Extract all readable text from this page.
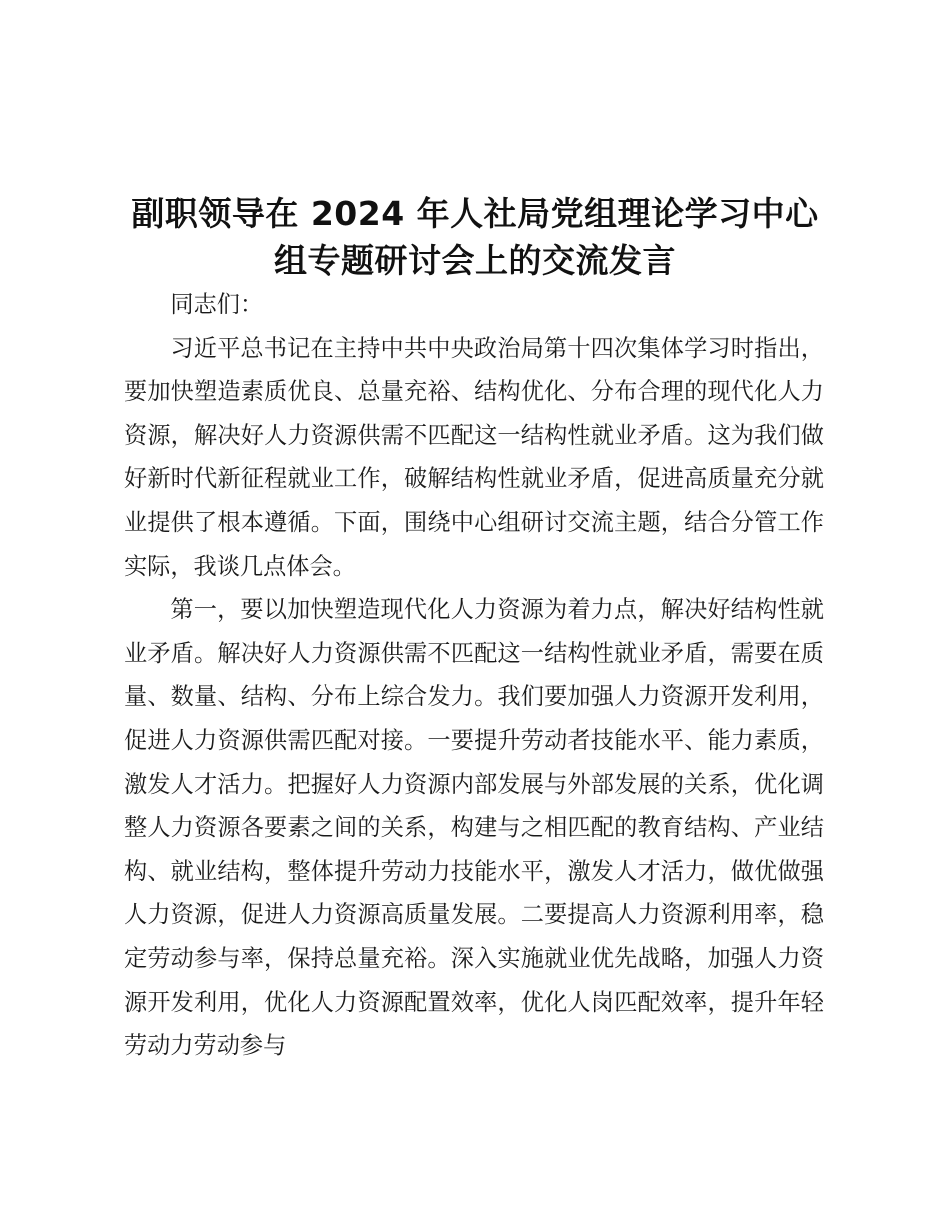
副职领导在 2024 年人社局党组理论学习中心
组专题研讨会上的交流发言

同志们：

习近平总书记在主持中共中央政治局第十四次集体学习时指出，要加快塑造素质优良、总量充裕、结构优化、分布合理的现代化人力资源，解决好人力资源供需不匹配这一结构性就业矛盾。这为我们做好新时代新征程就业工作，破解结构性就业矛盾，促进高质量充分就业提供了根本遵循。下面，围绕中心组研讨交流主题，结合分管工作实际，我谈几点体会。

第一，要以加快塑造现代化人力资源为着力点，解决好结构性就业矛盾。解决好人力资源供需不匹配这一结构性就业矛盾，需要在质量、数量、结构、分布上综合发力。我们要加强人力资源开发利用，促进人力资源供需匹配对接。一要提升劳动者技能水平、能力素质，激发人才活力。把握好人力资源内部发展与外部发展的关系，优化调整人力资源各要素之间的关系，构建与之相匹配的教育结构、产业结构、就业结构，整体提升劳动力技能水平，激发人才活力，做优做强人力资源，促进人力资源高质量发展。二要提高人力资源利用率，稳定劳动参与率，保持总量充裕。深入实施就业优先战略，加强人力资源开发利用，优化人力资源配置效率，优化人岗匹配效率，提升年轻劳动力劳动参与
